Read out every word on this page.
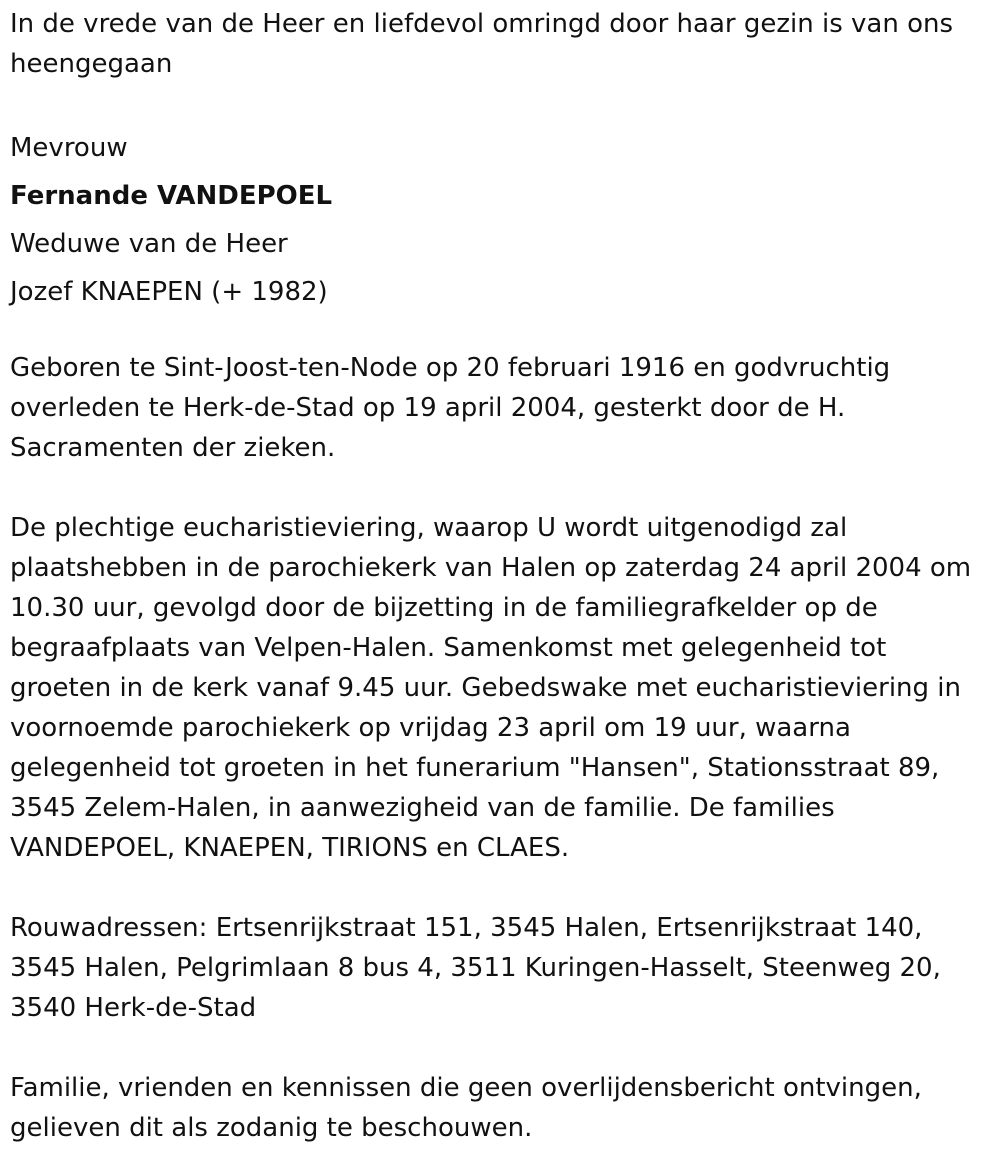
In de vrede van de Heer en liefdevol omringd door haar gezin is van ons heengegaan

Mevrouw

Fernande VANDEPOEL

Weduwe van de Heer

Jozef KNAEPEN (+ 1982)

Geboren te Sint-Joost-ten-Node op 20 februari 1916 en godvruchtig overleden te Herk-de-Stad op 19 april 2004, gesterkt door de H. Sacramenten der zieken.

De plechtige eucharistieviering, waarop U wordt uitgenodigd zal plaatshebben in de parochiekerk van Halen op zaterdag 24 april 2004 om 10.30 uur, gevolgd door de bijzetting in de familiegrafkelder op de begraafplaats van Velpen-Halen. Samenkomst met gelegenheid tot groeten in de kerk vanaf 9.45 uur. Gebedswake met eucharistieviering in voornoemde parochiekerk op vrijdag 23 april om 19 uur, waarna gelegenheid tot groeten in het funerarium "Hansen", Stationsstraat 89, 3545 Zelem-Halen, in aanwezigheid van de familie. De families VANDEPOEL, KNAEPEN, TIRIONS en CLAES.

Rouwadressen: Ertsenrijkstraat 151, 3545 Halen, Ertsenrijkstraat 140, 3545 Halen, Pelgrimlaan 8 bus 4, 3511 Kuringen-Hasselt, Steenweg 20, 3540 Herk-de-Stad

Familie, vrienden en kennissen die geen overlijdensbericht ontvingen, gelieven dit als zodanig te beschouwen.
